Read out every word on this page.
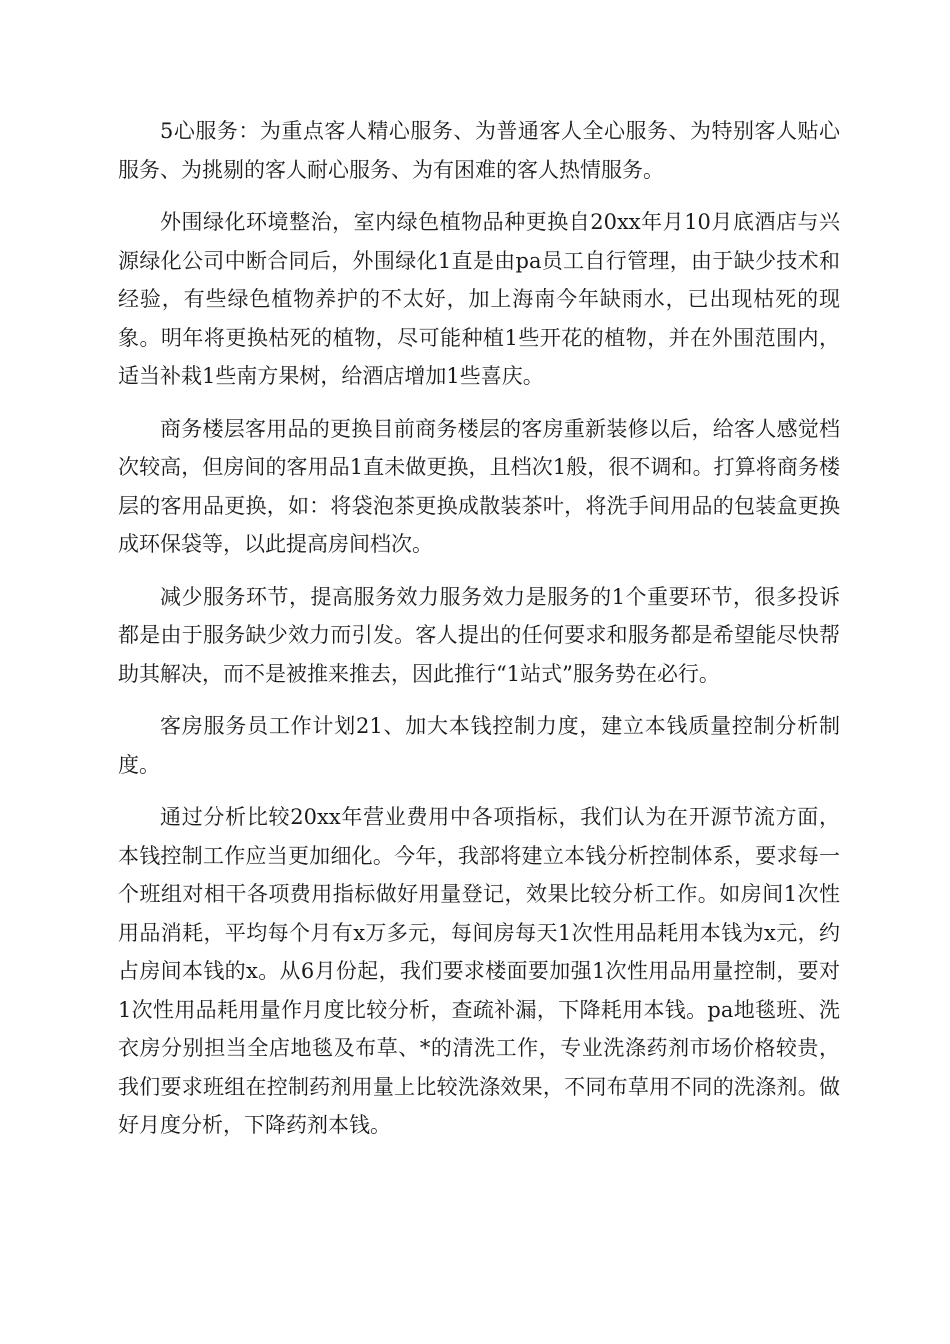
5心服务：为重点客人精心服务、为普通客人全心服务、为特别客人贴心服务、为挑剔的客人耐心服务、为有困难的客人热情服务。

外围绿化环境整治，室内绿色植物品种更换自20xx年月10月底酒店与兴源绿化公司中断合同后，外围绿化1直是由pa员工自行管理，由于缺少技术和经验，有些绿色植物养护的不太好，加上海南今年缺雨水，已出现枯死的现象。明年将更换枯死的植物，尽可能种植1些开花的植物，并在外围范围内，适当补栽1些南方果树，给酒店增加1些喜庆。

商务楼层客用品的更换目前商务楼层的客房重新装修以后，给客人感觉档次较高，但房间的客用品1直未做更换，且档次1般，很不调和。打算将商务楼层的客用品更换，如：将袋泡茶更换成散装茶叶，将洗手间用品的包装盒更换成环保袋等，以此提高房间档次。

减少服务环节，提高服务效力服务效力是服务的1个重要环节，很多投诉都是由于服务缺少效力而引发。客人提出的任何要求和服务都是希望能尽快帮助其解决，而不是被推来推去，因此推行“1站式”服务势在必行。

客房服务员工作计划21、加大本钱控制力度，建立本钱质量控制分析制度。

通过分析比较20xx年营业费用中各项指标，我们认为在开源节流方面，本钱控制工作应当更加细化。今年，我部将建立本钱分析控制体系，要求每一个班组对相干各项费用指标做好用量登记，效果比较分析工作。如房间1次性用品消耗，平均每个月有x万多元，每间房每天1次性用品耗用本钱为x元，约占房间本钱的x。从6月份起，我们要求楼面要加强1次性用品用量控制，要对1次性用品耗用量作月度比较分析，查疏补漏，下降耗用本钱。pa地毯班、洗衣房分别担当全店地毯及布草、*的清洗工作，专业洗涤药剂市场价格较贵，我们要求班组在控制药剂用量上比较洗涤效果，不同布草用不同的洗涤剂。做好月度分析，下降药剂本钱。
